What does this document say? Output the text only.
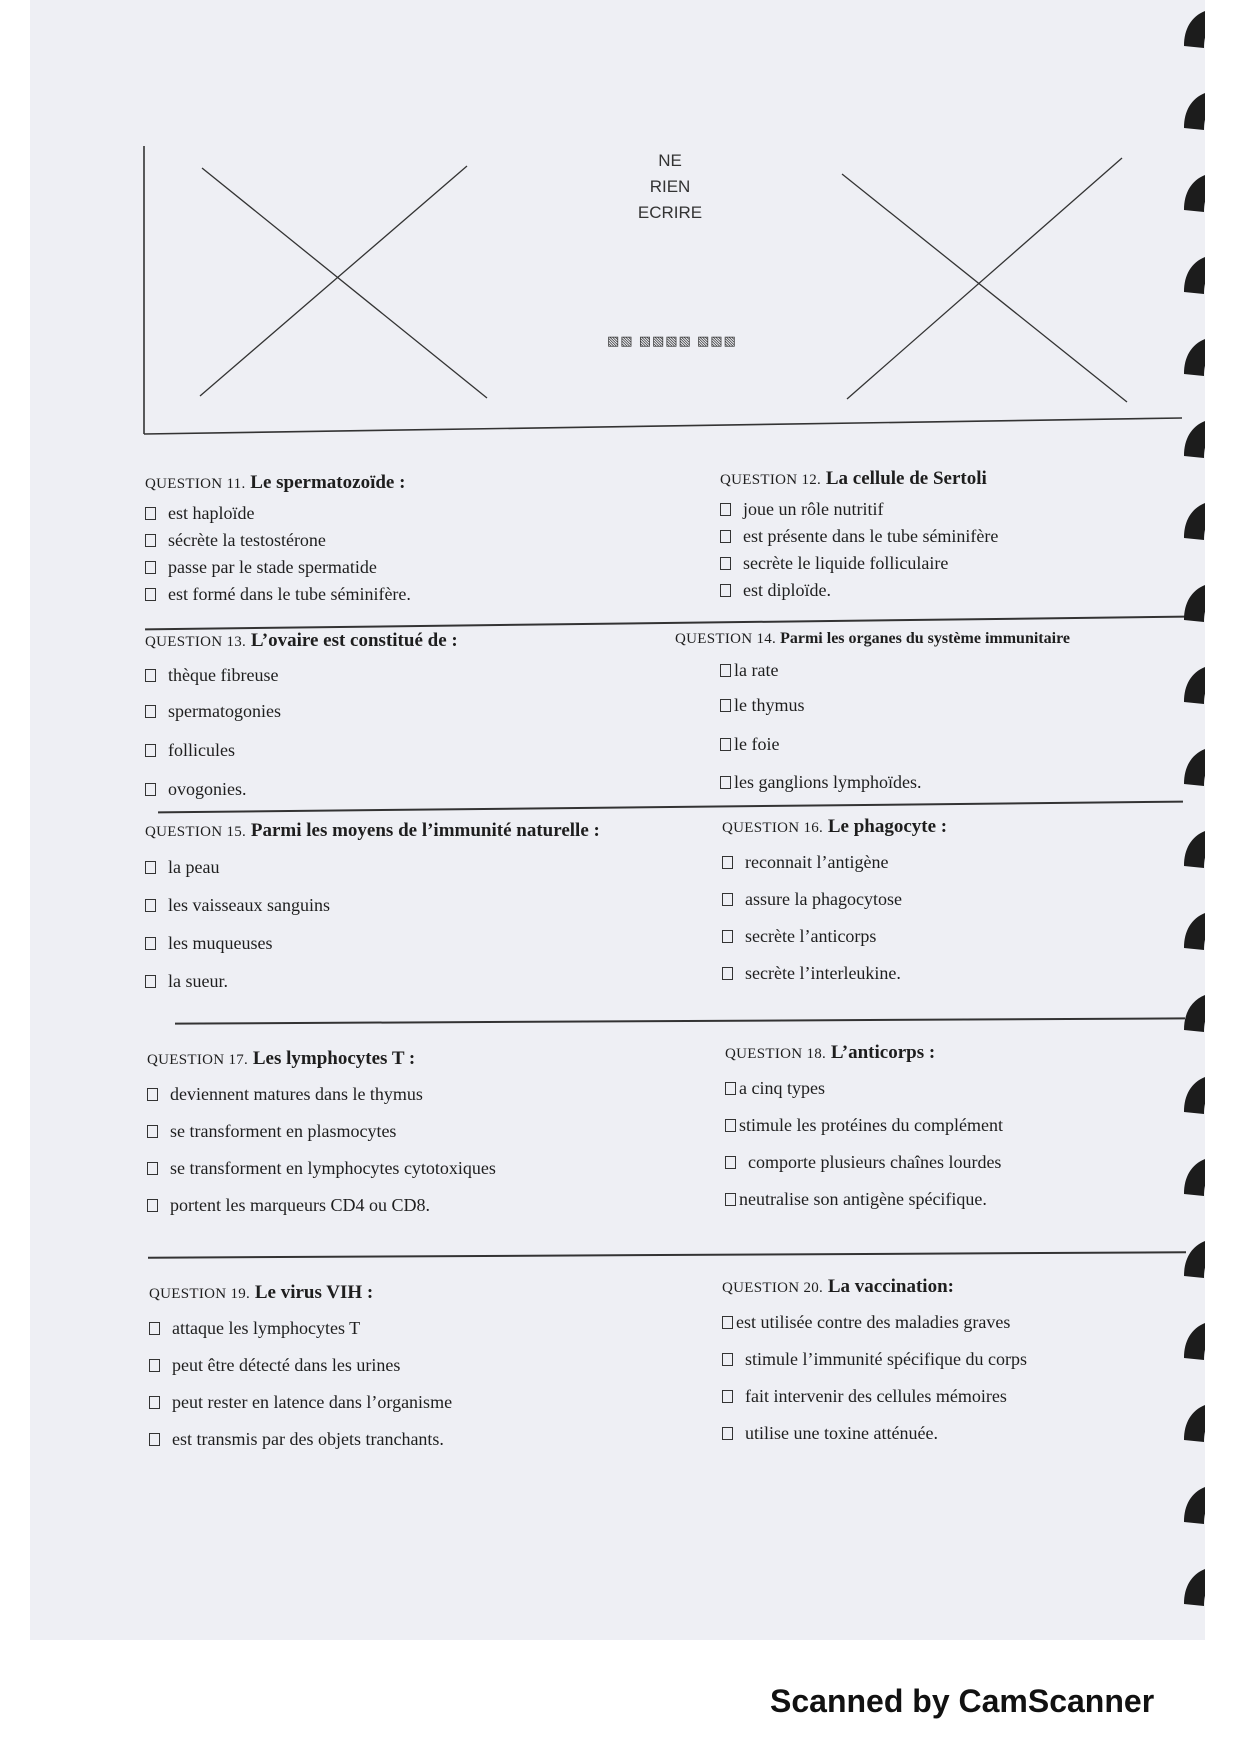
NE
RIEN
ECRIRE
▧▧ ▧▧▧▧ ▧▧▧
QUESTION 11. Le spermatozoïde :
est haploïde
sécrète la testostérone
passe par le stade spermatide
est formé dans le tube séminifère.
QUESTION 12. La cellule de Sertoli
joue un rôle nutritif
est présente dans le tube séminifère
secrète le liquide folliculaire
est diploïde.
QUESTION 13. L’ovaire est constitué de :
thèque fibreuse
spermatogonies
follicules
ovogonies.
QUESTION 14. Parmi les organes du système immunitaire
la rate
le thymus
le foie
les ganglions lymphoïdes.
QUESTION 15. Parmi les moyens de l’immunité naturelle :
la peau
les vaisseaux sanguins
les muqueuses
la sueur.
QUESTION 16. Le phagocyte :
reconnait l’antigène
assure la phagocytose
secrète l’anticorps
secrète l’interleukine.
QUESTION 17. Les lymphocytes T :
deviennent matures dans le thymus
se transforment en plasmocytes
se transforment en lymphocytes cytotoxiques
portent les marqueurs CD4 ou CD8.
QUESTION 18. L’anticorps :
a cinq types
stimule les protéines du complément
comporte plusieurs chaînes lourdes
neutralise son antigène spécifique.
QUESTION 19. Le virus VIH :
attaque les lymphocytes T
peut être détecté dans les urines
peut rester en latence dans l’organisme
est transmis par des objets tranchants.
QUESTION 20. La vaccination:
est utilisée contre des maladies graves
stimule l’immunité spécifique du corps
fait intervenir des cellules mémoires
utilise une toxine atténuée.
Scanned by CamScanner
